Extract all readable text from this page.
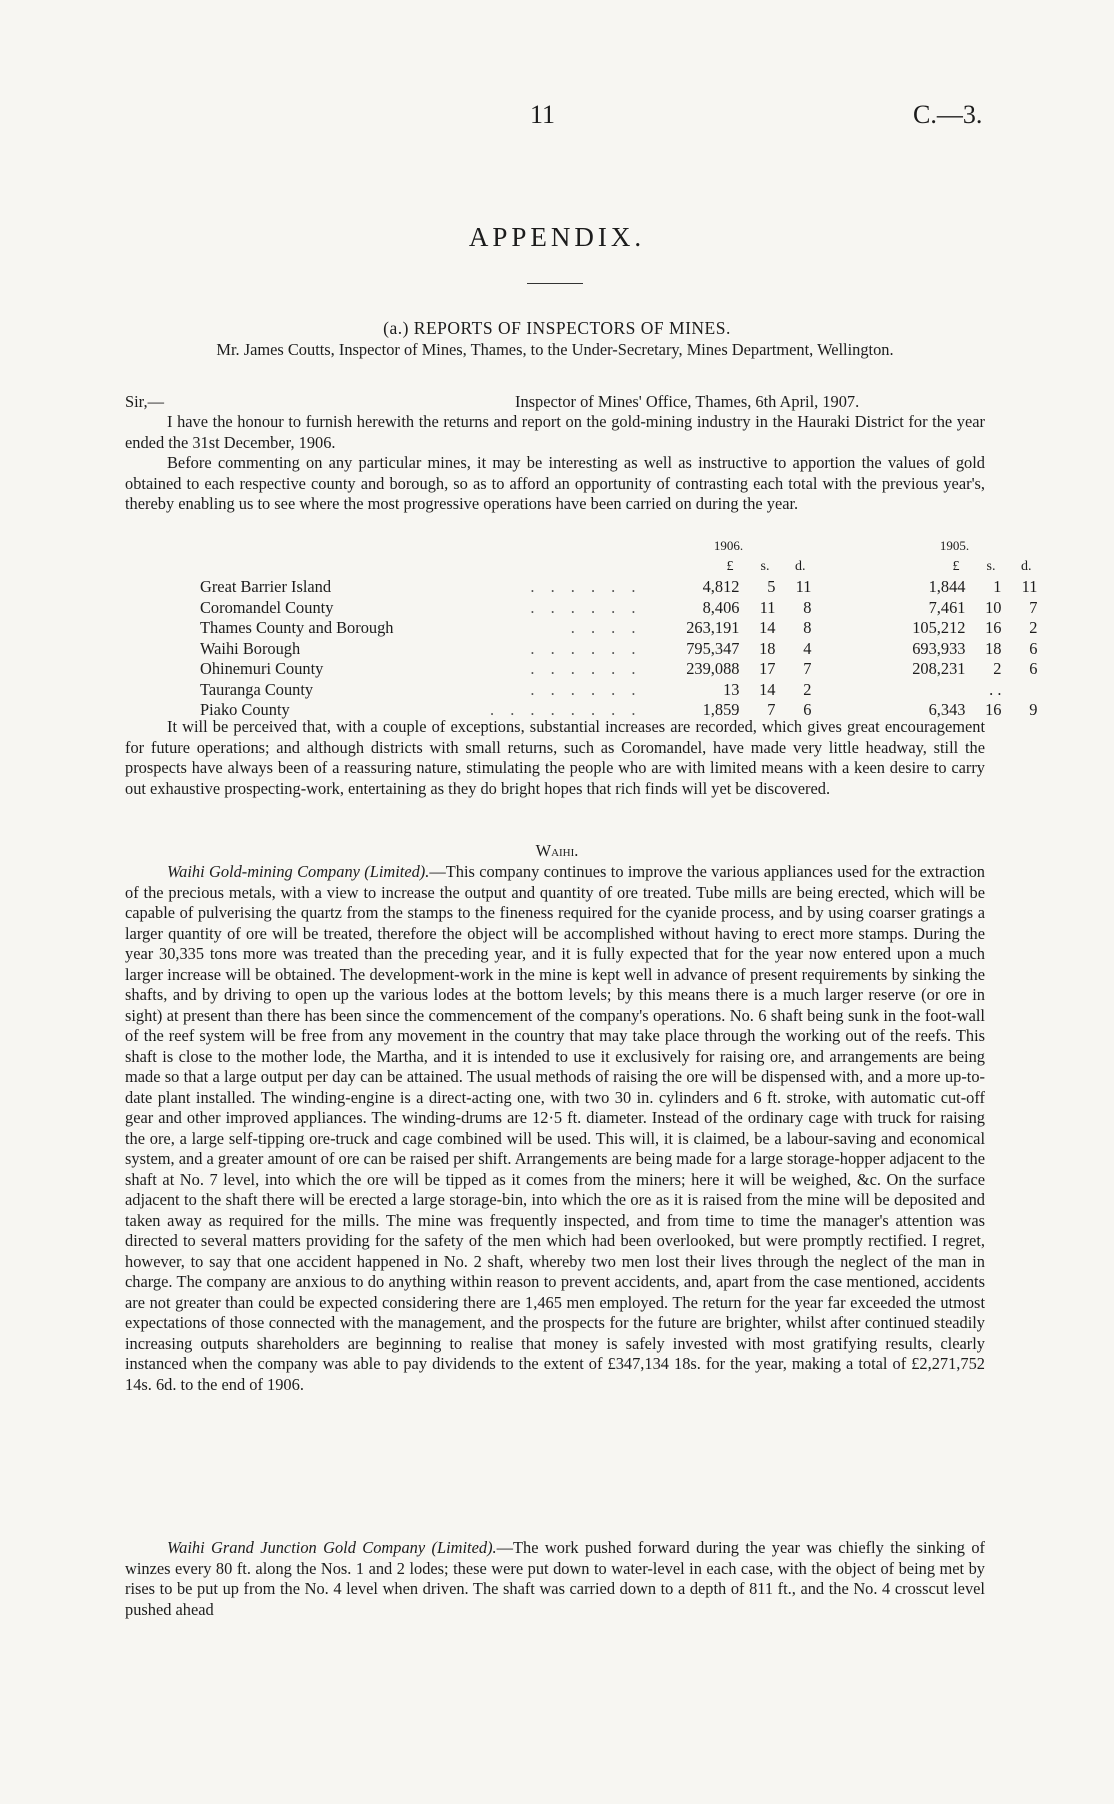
11	C.—3.
APPENDIX.
(a.) REPORTS OF INSPECTORS OF MINES.
Mr. James Coutts, Inspector of Mines, Thames, to the Under-Secretary, Mines Department, Wellington.
Sir,—	Inspector of Mines' Office, Thames, 6th April, 1907.
I have the honour to furnish herewith the returns and report on the gold-mining industry in the Hauraki District for the year ended the 31st December, 1906.
Before commenting on any particular mines, it may be interesting as well as instructive to apportion the values of gold obtained to each respective county and borough, so as to afford an opportunity of contrasting each total with the previous year's, thereby enabling us to see where the most progressive operations have been carried on during the year.
		1906.				1905.		
		£	s.	d.		£	s.	d.
Great Barrier Island	. . . . . .	4,812	5	11		1,844	1	11
Coromandel County	. . . . . .	8,406	11	8		7,461	10	7
Thames County and Borough	. . . .	263,191	14	8		105,212	16	2
Waihi Borough	. . . . . .	795,347	18	4		693,933	18	6
Ohinemuri County	. . . . . .	239,088	17	7		208,231	2	6
Tauranga County	. . . . . .	13	14	2			. .	
Piako County	. . . . . . . .	1,859	7	6		6,343	16	9
It will be perceived that, with a couple of exceptions, substantial increases are recorded, which gives great encouragement for future operations; and although districts with small returns, such as Coromandel, have made very little headway, still the prospects have always been of a reassuring nature, stimulating the people who are with limited means with a keen desire to carry out exhaustive prospecting-work, entertaining as they do bright hopes that rich finds will yet be discovered.
Waihi.
Waihi Gold-mining Company (Limited).—This company continues to improve the various appliances used for the extraction of the precious metals, with a view to increase the output and quantity of ore treated. Tube mills are being erected, which will be capable of pulverising the quartz from the stamps to the fineness required for the cyanide process, and by using coarser gratings a larger quantity of ore will be treated, therefore the object will be accomplished without having to erect more stamps. During the year 30,335 tons more was treated than the preceding year, and it is fully expected that for the year now entered upon a much larger increase will be obtained. The development-work in the mine is kept well in advance of present requirements by sinking the shafts, and by driving to open up the various lodes at the bottom levels; by this means there is a much larger reserve (or ore in sight) at present than there has been since the commencement of the company's operations. No. 6 shaft being sunk in the foot-wall of the reef system will be free from any movement in the country that may take place through the working out of the reefs. This shaft is close to the mother lode, the Martha, and it is intended to use it exclusively for raising ore, and arrangements are being made so that a large output per day can be attained. The usual methods of raising the ore will be dispensed with, and a more up-to-date plant installed. The winding-engine is a direct-acting one, with two 30 in. cylinders and 6 ft. stroke, with automatic cut-off gear and other improved appliances. The winding-drums are 12·5 ft. diameter. Instead of the ordinary cage with truck for raising the ore, a large self-tipping ore-truck and cage combined will be used. This will, it is claimed, be a labour-saving and economical system, and a greater amount of ore can be raised per shift. Arrangements are being made for a large storage-hopper adjacent to the shaft at No. 7 level, into which the ore will be tipped as it comes from the miners; here it will be weighed, &c. On the surface adjacent to the shaft there will be erected a large storage-bin, into which the ore as it is raised from the mine will be deposited and taken away as required for the mills. The mine was frequently inspected, and from time to time the manager's attention was directed to several matters providing for the safety of the men which had been overlooked, but were promptly rectified. I regret, however, to say that one accident happened in No. 2 shaft, whereby two men lost their lives through the neglect of the man in charge. The company are anxious to do anything within reason to prevent accidents, and, apart from the case mentioned, accidents are not greater than could be expected considering there are 1,465 men employed. The return for the year far exceeded the utmost expectations of those connected with the management, and the prospects for the future are brighter, whilst after continued steadily increasing outputs shareholders are beginning to realise that money is safely invested with most gratifying results, clearly instanced when the company was able to pay dividends to the extent of £347,134 18s. for the year, making a total of £2,271,752 14s. 6d. to the end of 1906.
Waihi Grand Junction Gold Company (Limited).—The work pushed forward during the year was chiefly the sinking of winzes every 80 ft. along the Nos. 1 and 2 lodes; these were put down to water-level in each case, with the object of being met by rises to be put up from the No. 4 level when driven. The shaft was carried down to a depth of 811 ft., and the No. 4 crosscut level pushed ahead
